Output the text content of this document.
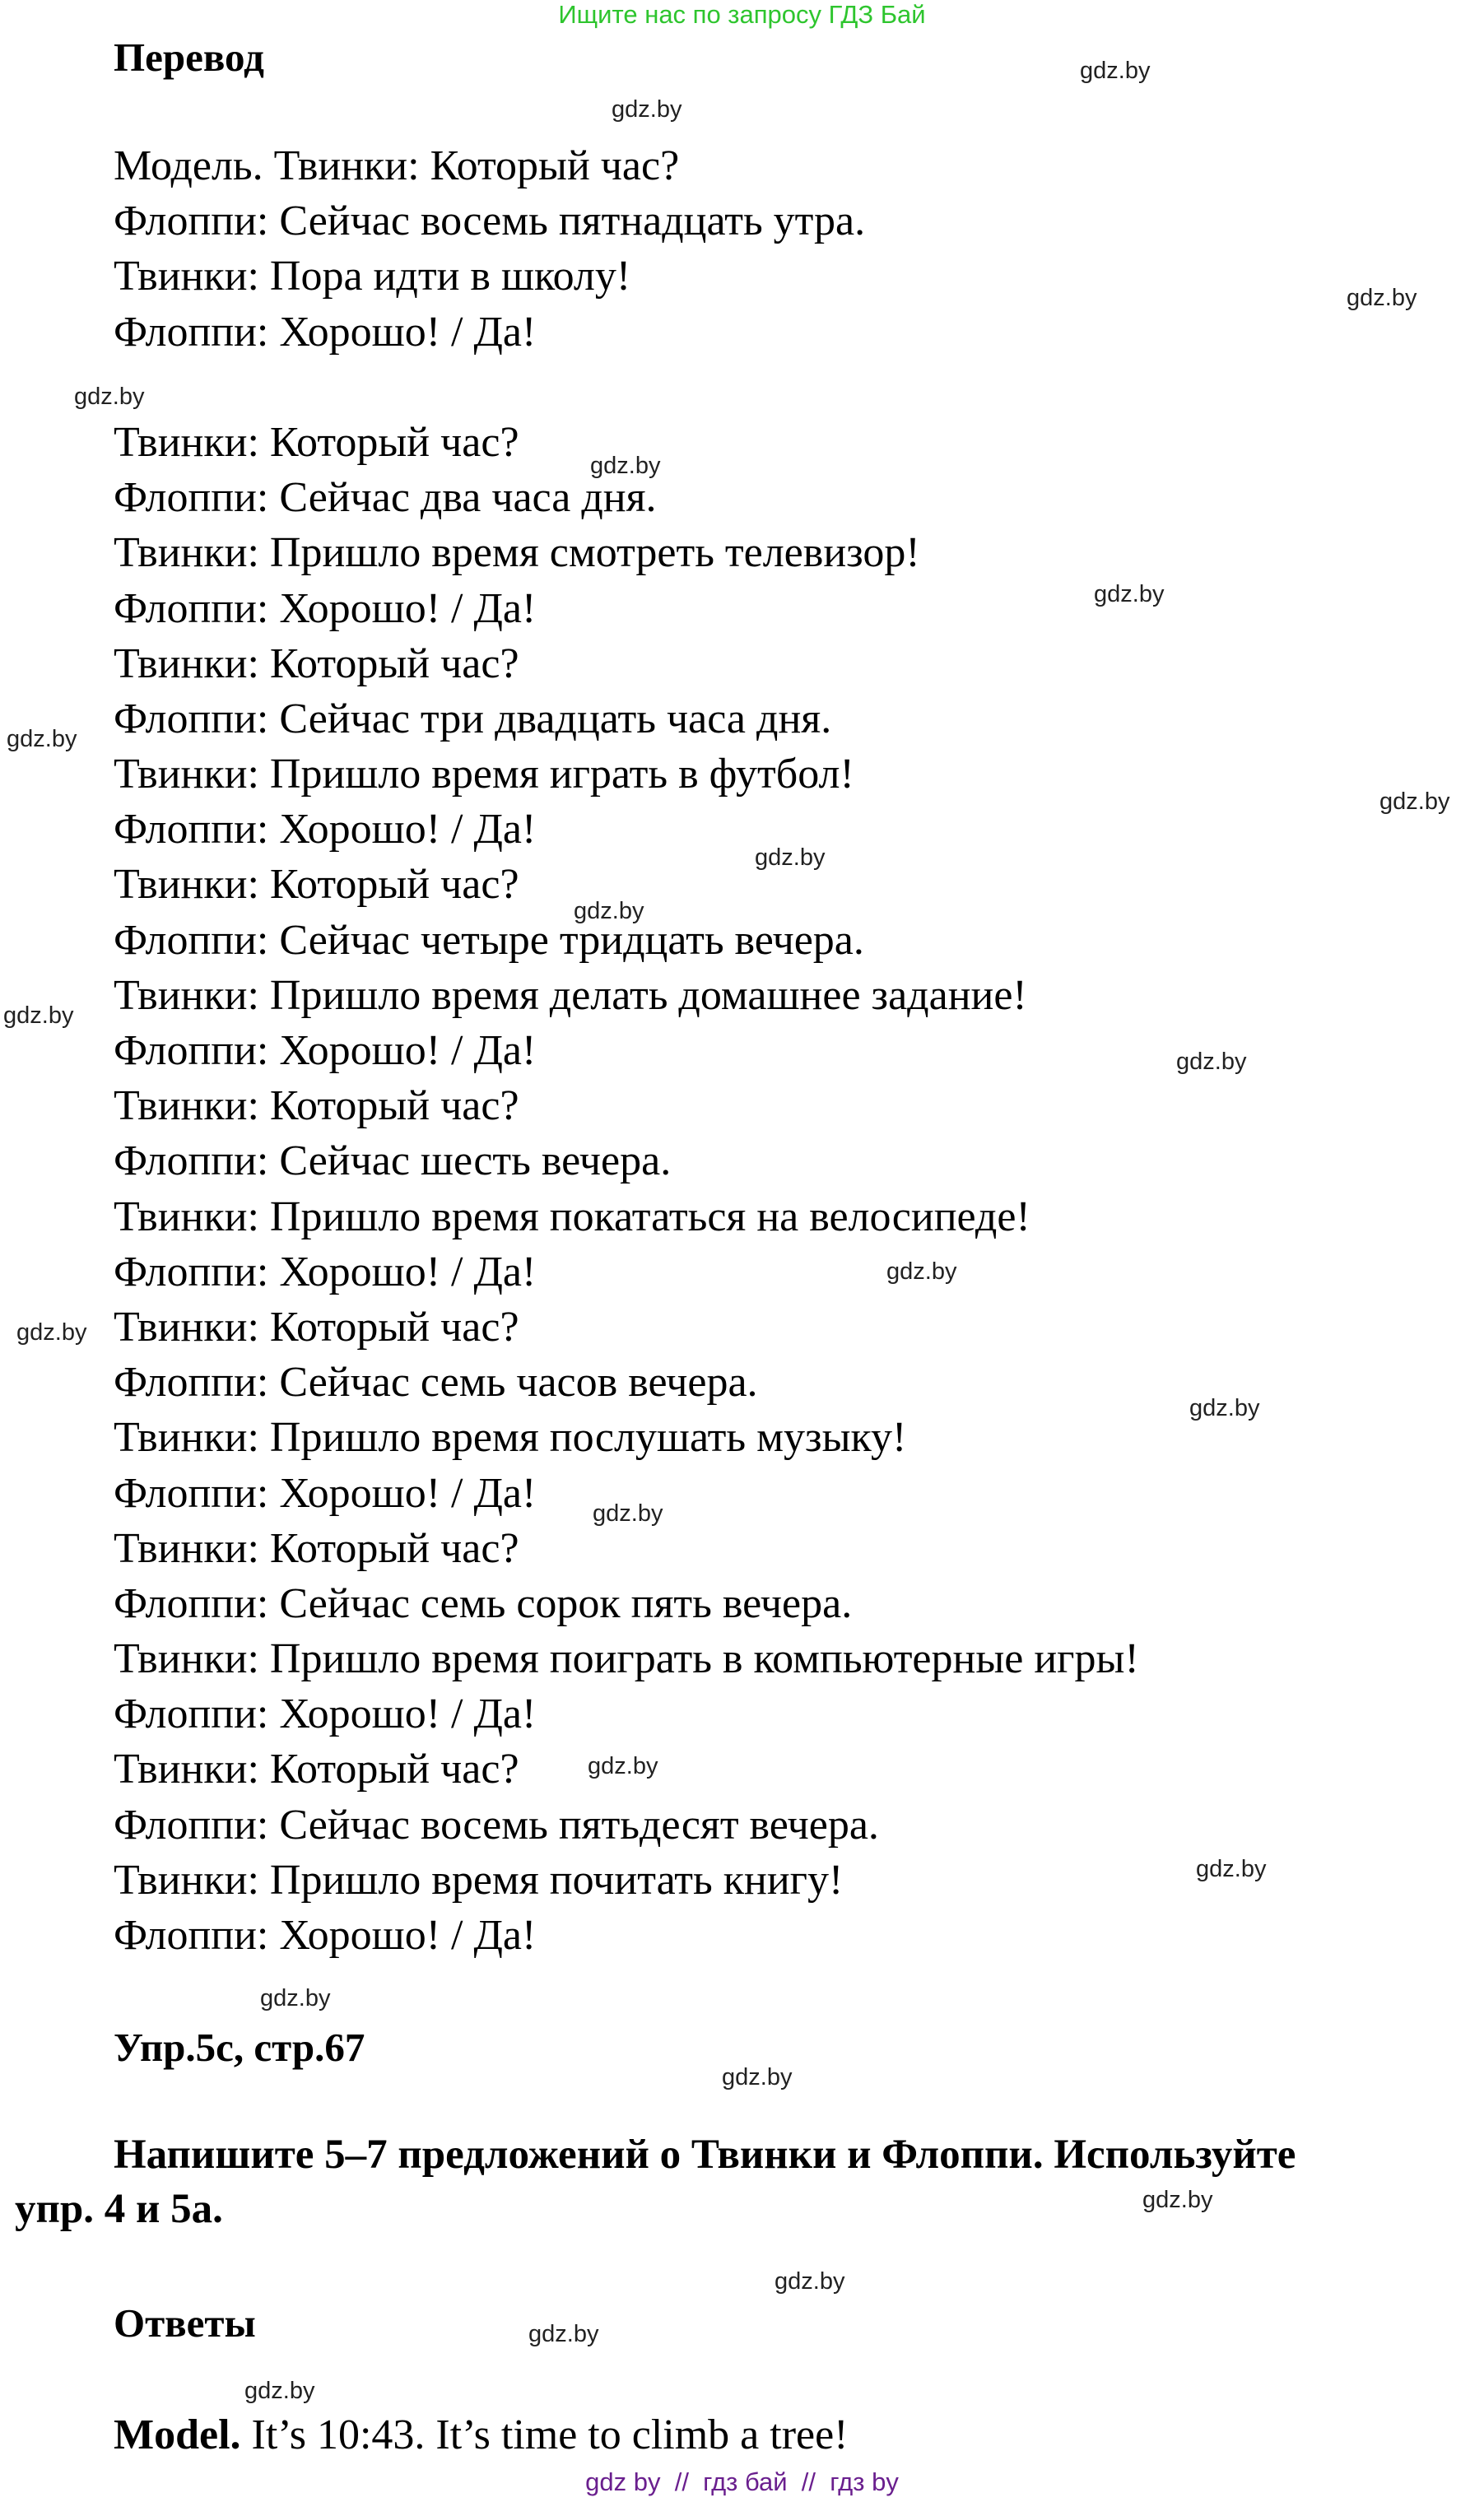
Ищите нас по запросу ГДЗ Бай
Перевод
Модель. Твинки: Который час?
Флоппи: Сейчас восемь пятнадцать утра.
Твинки: Пора идти в школу!
Флоппи: Хорошо! / Да!
Твинки: Который час?
Флоппи: Сейчас два часа дня.
Твинки: Пришло время смотреть телевизор!
Флоппи: Хорошо! / Да!
Твинки: Который час?
Флоппи: Сейчас три двадцать часа дня.
Твинки: Пришло время играть в футбол!
Флоппи: Хорошо! / Да!
Твинки: Который час?
Флоппи: Сейчас четыре тридцать вечера.
Твинки: Пришло время делать домашнее задание!
Флоппи: Хорошо! / Да!
Твинки: Который час?
Флоппи: Сейчас шесть вечера.
Твинки: Пришло время покататься на велосипеде!
Флоппи: Хорошо! / Да!
Твинки: Который час?
Флоппи: Сейчас семь часов вечера.
Твинки: Пришло время послушать музыку!
Флоппи: Хорошо! / Да!
Твинки: Который час?
Флоппи: Сейчас семь сорок пять вечера.
Твинки: Пришло время поиграть в компьютерные игры!
Флоппи: Хорошо! / Да!
Твинки: Который час?
Флоппи: Сейчас восемь пятьдесят вечера.
Твинки: Пришло время почитать книгу!
Флоппи: Хорошо! / Да!
Упр.5c, стр.67
Напишите 5–7 предложений о Твинки и Флоппи. Используйте
упр. 4 и 5а.
Ответы
Model. It’s 10:43. It’s time to climb a tree!
gdz.by
gdz.by
gdz.by
gdz.by
gdz.by
gdz.by
gdz.by
gdz.by
gdz.by
gdz.by
gdz.by
gdz.by
gdz.by
gdz.by
gdz.by
gdz.by
gdz.by
gdz.by
gdz.by
gdz.by
gdz.by
gdz.by
gdz.by
gdz.by
gdz by  //  гдз бай  //  гдз by
